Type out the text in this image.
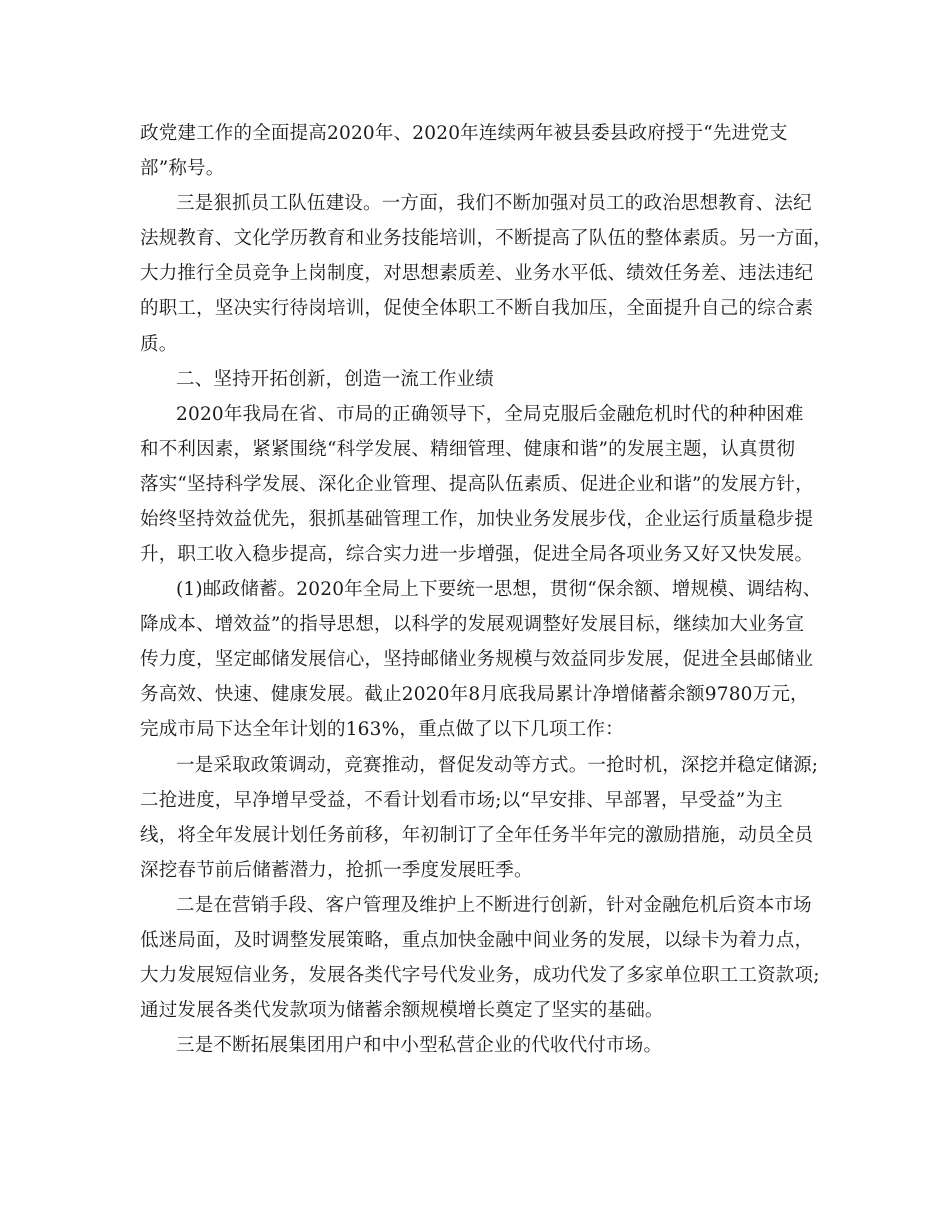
政党建工作的全面提高2020年、2020年连续两年被县委县政府授于“先进党支
部”称号。
三是狠抓员工队伍建设。一方面，我们不断加强对员工的政治思想教育、法纪
法规教育、文化学历教育和业务技能培训，不断提高了队伍的整体素质。另一方面，
大力推行全员竞争上岗制度，对思想素质差、业务水平低、绩效任务差、违法违纪
的职工，坚决实行待岗培训，促使全体职工不断自我加压，全面提升自己的综合素
质。
二、坚持开拓创新，创造一流工作业绩
2020年我局在省、市局的正确领导下，全局克服后金融危机时代的种种困难
和不利因素，紧紧围绕“科学发展、精细管理、健康和谐”的发展主题，认真贯彻
落实“坚持科学发展、深化企业管理、提高队伍素质、促进企业和谐”的发展方针，
始终坚持效益优先，狠抓基础管理工作，加快业务发展步伐，企业运行质量稳步提
升，职工收入稳步提高，综合实力进一步增强，促进全局各项业务又好又快发展。
(1)邮政储蓄。2020年全局上下要统一思想，贯彻“保余额、增规模、调结构、
降成本、增效益”的指导思想，以科学的发展观调整好发展目标，继续加大业务宣
传力度，坚定邮储发展信心，坚持邮储业务规模与效益同步发展，促进全县邮储业
务高效、快速、健康发展。截止2020年8月底我局累计净增储蓄余额9780万元，
完成市局下达全年计划的163%，重点做了以下几项工作：
一是采取政策调动，竞赛推动，督促发动等方式。一抢时机，深挖并稳定储源;
二抢进度，早净增早受益，不看计划看市场;以“早安排、早部署，早受益”为主
线，将全年发展计划任务前移，年初制订了全年任务半年完的激励措施，动员全员
深挖春节前后储蓄潜力，抢抓一季度发展旺季。
二是在营销手段、客户管理及维护上不断进行创新，针对金融危机后资本市场
低迷局面，及时调整发展策略，重点加快金融中间业务的发展，以绿卡为着力点，
大力发展短信业务，发展各类代字号代发业务，成功代发了多家单位职工工资款项;
通过发展各类代发款项为储蓄余额规模增长奠定了坚实的基础。
三是不断拓展集团用户和中小型私营企业的代收代付市场。
